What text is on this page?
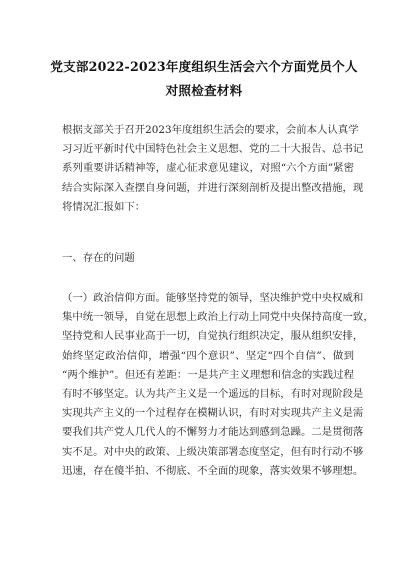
党支部2022-2023年度组织生活会六个方面党员个人
对照检查材料
根据支部关于召开2023年度组织生活会的要求，会前本人认真学
习习近平新时代中国特色社会主义思想、党的二十大报告、总书记
系列重要讲话精神等，虚心征求意见建议，对照“六个方面”紧密
结合实际深入查摆自身问题，并进行深刻剖析及提出整改措施，现
将情况汇报如下：
一、存在的问题
（一）政治信仰方面。能够坚持党的领导，坚决维护党中央权威和
集中统一领导，自觉在思想上政治上行动上同党中央保持高度一致，
坚持党和人民事业高于一切，自觉执行组织决定，服从组织安排，
始终坚定政治信仰，增强“四个意识”、坚定“四个自信”、做到
“两个维护”。但还有差距：一是共产主义理想和信念的实践过程
有时不够坚定。认为共产主义是一个遥远的目标，有时对现阶段是
实现共产主义的一个过程存在模糊认识，有时对实现共产主义是需
要我们共产党人几代人的不懈努力才能达到感到急躁。二是贯彻落
实不足。对中央的政策、上级决策部署态度坚定，但有时行动不够
迅速，存在傻半拍、不彻底、不全面的现象，落实效果不够理想。
